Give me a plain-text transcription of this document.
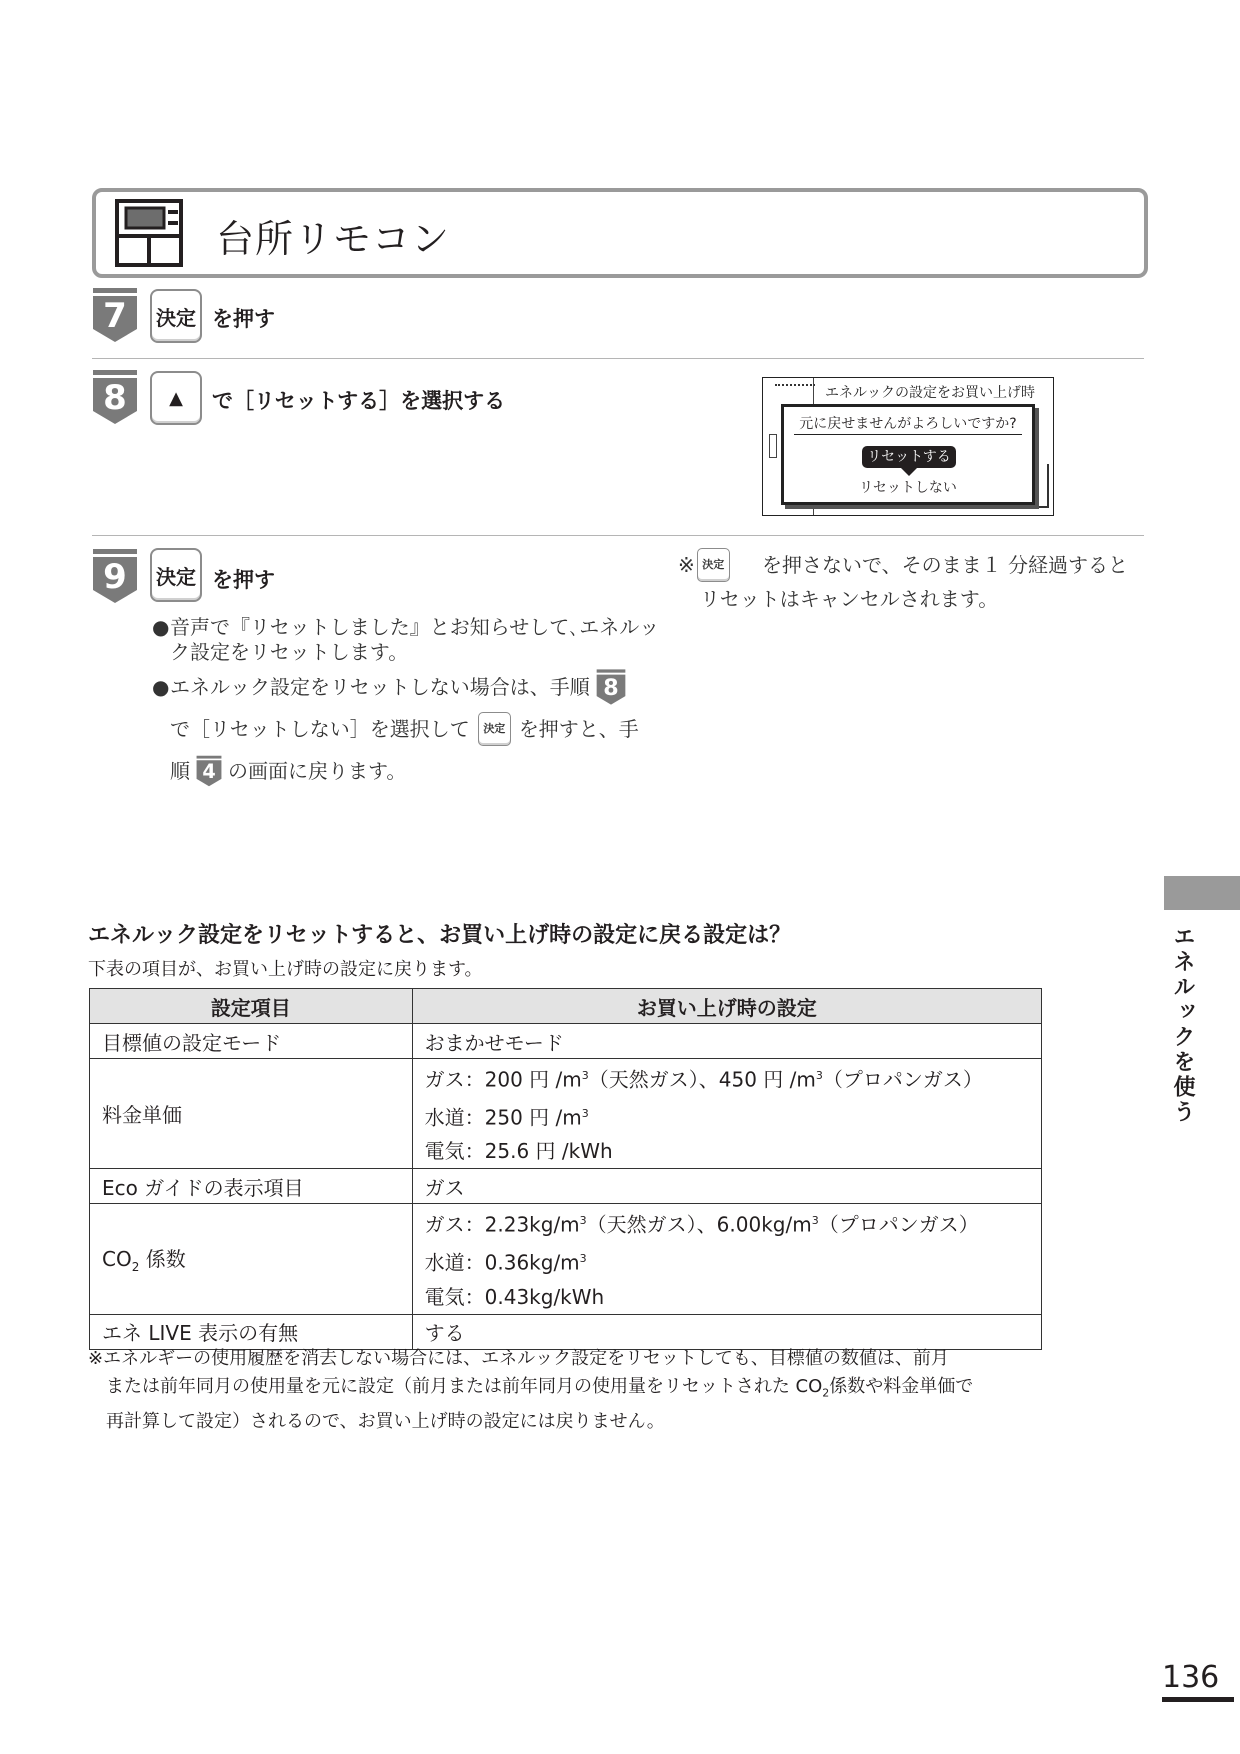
台所リモコン
7	決定 を押す
8 ▲ で［リセットする］を選択する	エネルックの設定をお買い上げ時
元に戻せませんがよろしいですか?
リセットする
リセットしない
9	決定 を押す
● 音声で『リセットしました』とお知らせして､エネルック設定をリセットします。
● エネルック設定をリセットしない場合は、手順 8
で［リセットしない］を選択して	決定 を押すと、手
順 4 の画面に戻ります。
※ 決定	を押さないで、そのまま１ 分経過するとリセットはキャンセルされます。
エネルック設定をリセットすると、お買い上げ時の設定に戻る設定は？
下表の項目が、お買い上げ時の設定に戻ります。
設定項目	お買い上げ時の設定
目標値の設定モード	おまかせモード
料金単価	ガス：200 円 $/m^3$（天然ガス）、450 円 $/m^3$（プロパンガス）
水道：250 円 $/m^3$
電気：25.6 円 /kWh

Eco ガイドの表示項目	ガス
$CO_2$ 係数	ガス：$2.23kg/m^3$（天然ガス）、$6.00kg/m^3$（プロパンガス）
水道：$0.36kg/m^3$
電気：0.43kg/kWh

エネ LIVE 表示の有無	する
※エネルギーの使用履歴を消去しない場合には、エネルック設定をリセットしても、目標値の数値は、前月
または前年同月の使用量を元に設定（前月または前年同月の使用量をリセットされた $CO_2$係数や料金単価で
再計算して設定）されるので、お買い上げ時の設定には戻りません。
エネルックを使う
136
